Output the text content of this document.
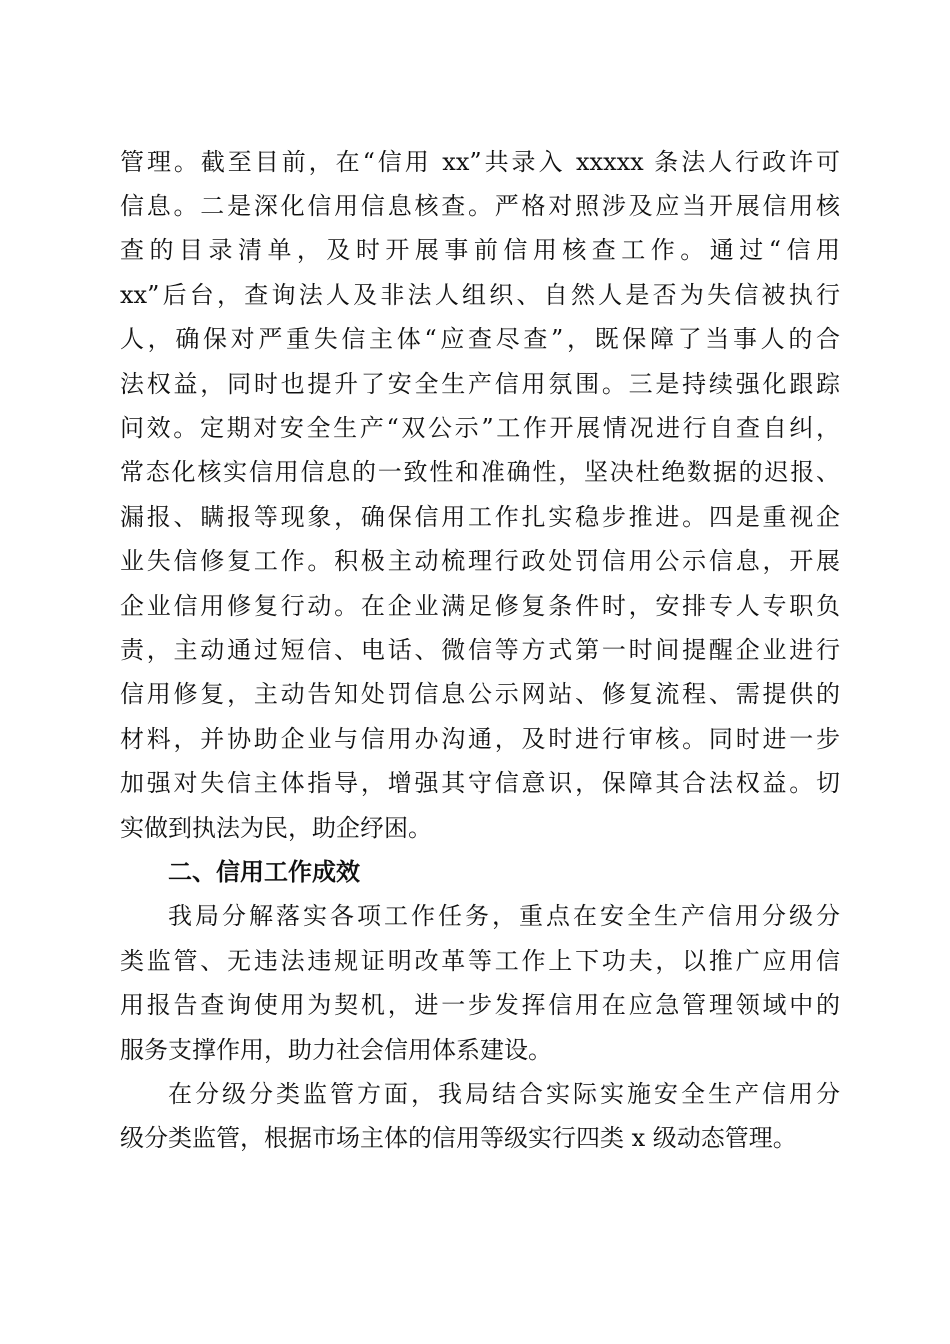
管理。截至目前，在“信用 xx”共录入 xxxxx 条法人行政许可
信息。二是深化信用信息核查。严格对照涉及应当开展信用核
查的目录清单，及时开展事前信用核查工作。通过“信用
xx”后台，查询法人及非法人组织、自然人是否为失信被执行
人，确保对严重失信主体“应查尽查”，既保障了当事人的合
法权益，同时也提升了安全生产信用氛围。三是持续强化跟踪
问效。定期对安全生产“双公示”工作开展情况进行自查自纠，
常态化核实信用信息的一致性和准确性，坚决杜绝数据的迟报、
漏报、瞒报等现象，确保信用工作扎实稳步推进。四是重视企
业失信修复工作。积极主动梳理行政处罚信用公示信息，开展
企业信用修复行动。在企业满足修复条件时，安排专人专职负
责，主动通过短信、电话、微信等方式第一时间提醒企业进行
信用修复，主动告知处罚信息公示网站、修复流程、需提供的
材料，并协助企业与信用办沟通，及时进行审核。同时进一步
加强对失信主体指导，增强其守信意识，保障其合法权益。切
实做到执法为民，助企纾困。
二、信用工作成效
我局分解落实各项工作任务，重点在安全生产信用分级分
类监管、无违法违规证明改革等工作上下功夫，以推广应用信
用报告查询使用为契机，进一步发挥信用在应急管理领域中的
服务支撑作用，助力社会信用体系建设。
在分级分类监管方面，我局结合实际实施安全生产信用分
级分类监管，根据市场主体的信用等级实行四类 x 级动态管理。
